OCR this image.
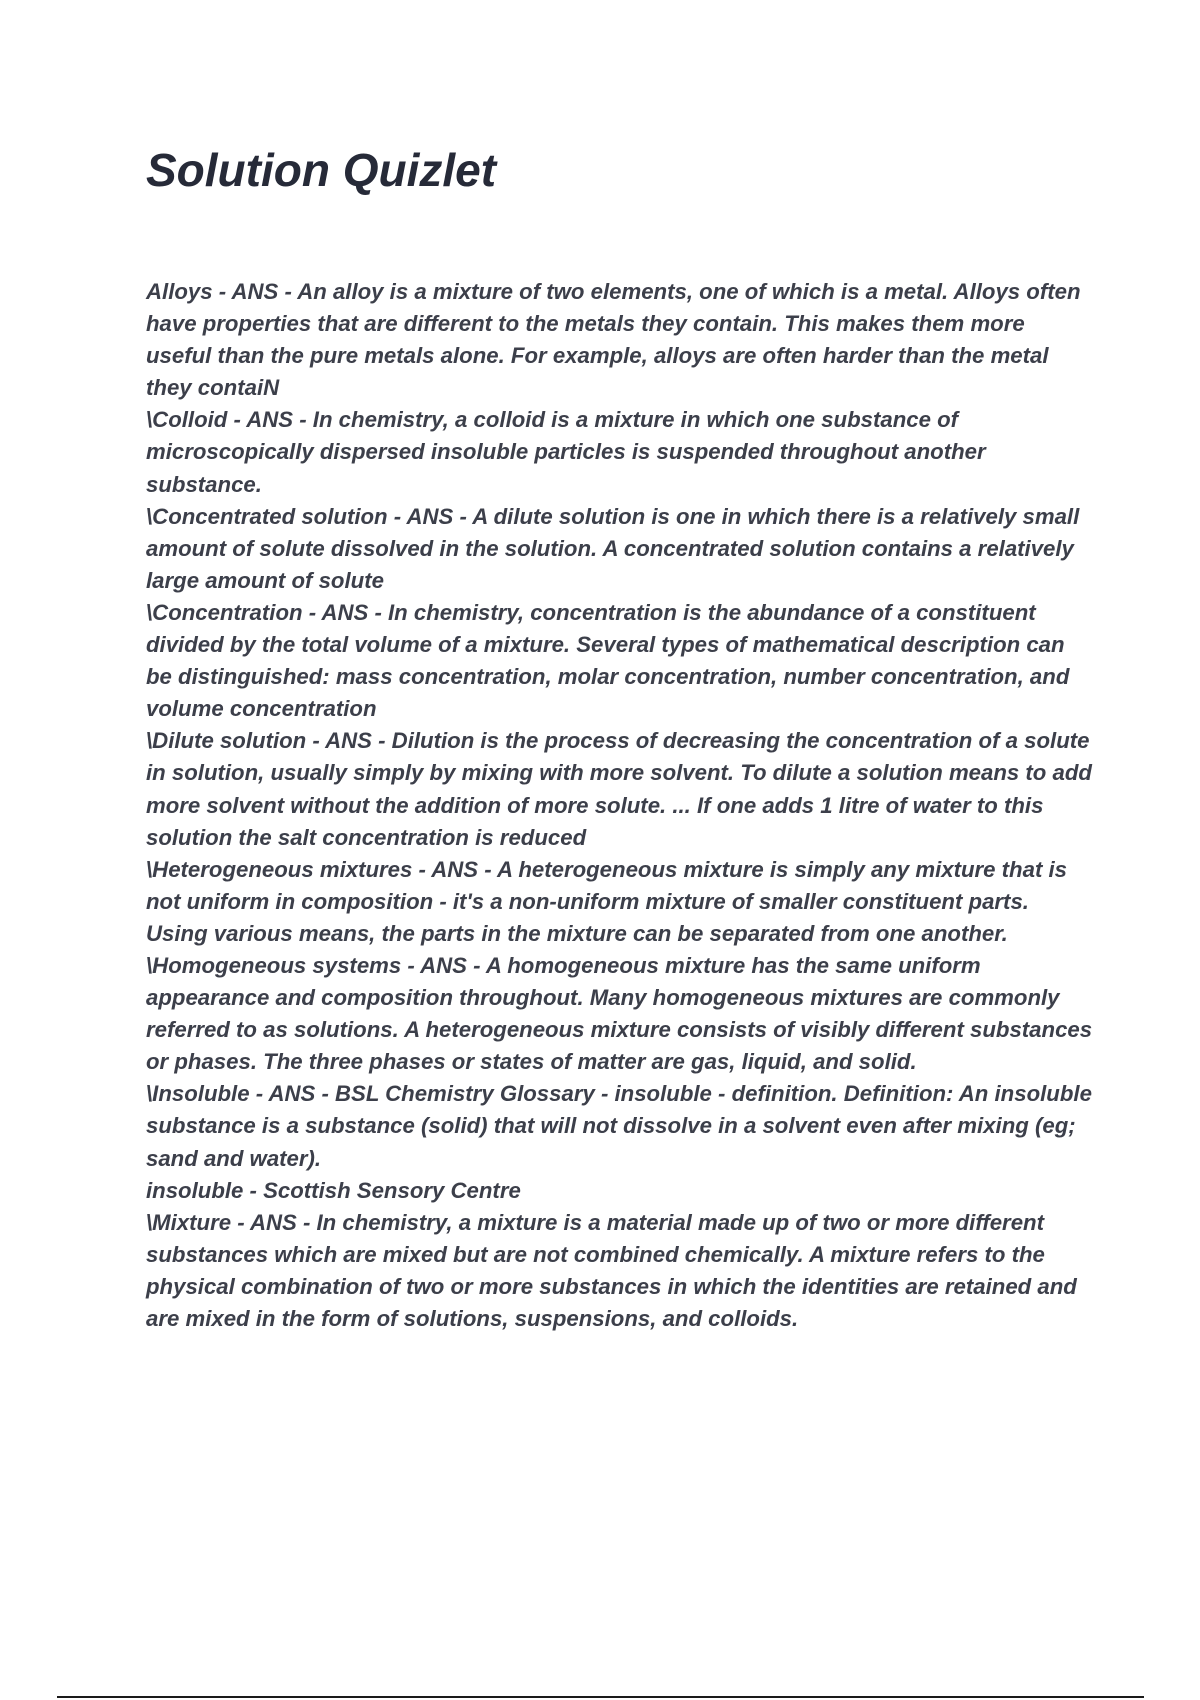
Solution Quizlet

Alloys - ANS - An alloy is a mixture of two elements, one of which is a metal. Alloys often have properties that are different to the metals they contain. This makes them more useful than the pure metals alone. For example, alloys are often harder than the metal they contaiN

\Colloid - ANS - In chemistry, a colloid is a mixture in which one substance of microscopically dispersed insoluble particles is suspended throughout another substance.

\Concentrated solution - ANS - A dilute solution is one in which there is a relatively small amount of solute dissolved in the solution. A concentrated solution contains a relatively large amount of solute

\Concentration - ANS - In chemistry, concentration is the abundance of a constituent divided by the total volume of a mixture. Several types of mathematical description can be distinguished: mass concentration, molar concentration, number concentration, and volume concentration

\Dilute solution - ANS - Dilution is the process of decreasing the concentration of a solute in solution, usually simply by mixing with more solvent. To dilute a solution means to add more solvent without the addition of more solute. ... If one adds 1 litre of water to this solution the salt concentration is reduced

\Heterogeneous mixtures - ANS - A heterogeneous mixture is simply any mixture that is not uniform in composition - it's a non-uniform mixture of smaller constituent parts. Using various means, the parts in the mixture can be separated from one another.

\Homogeneous systems - ANS - A homogeneous mixture has the same uniform appearance and composition throughout. Many homogeneous mixtures are commonly referred to as solutions. A heterogeneous mixture consists of visibly different substances or phases. The three phases or states of matter are gas, liquid, and solid.

\Insoluble - ANS - BSL Chemistry Glossary - insoluble - definition. Definition: An insoluble substance is a substance (solid) that will not dissolve in a solvent even after mixing (eg; sand and water).

insoluble - Scottish Sensory Centre

\Mixture - ANS - In chemistry, a mixture is a material made up of two or more different substances which are mixed but are not combined chemically. A mixture refers to the physical combination of two or more substances in which the identities are retained and are mixed in the form of solutions, suspensions, and colloids.
